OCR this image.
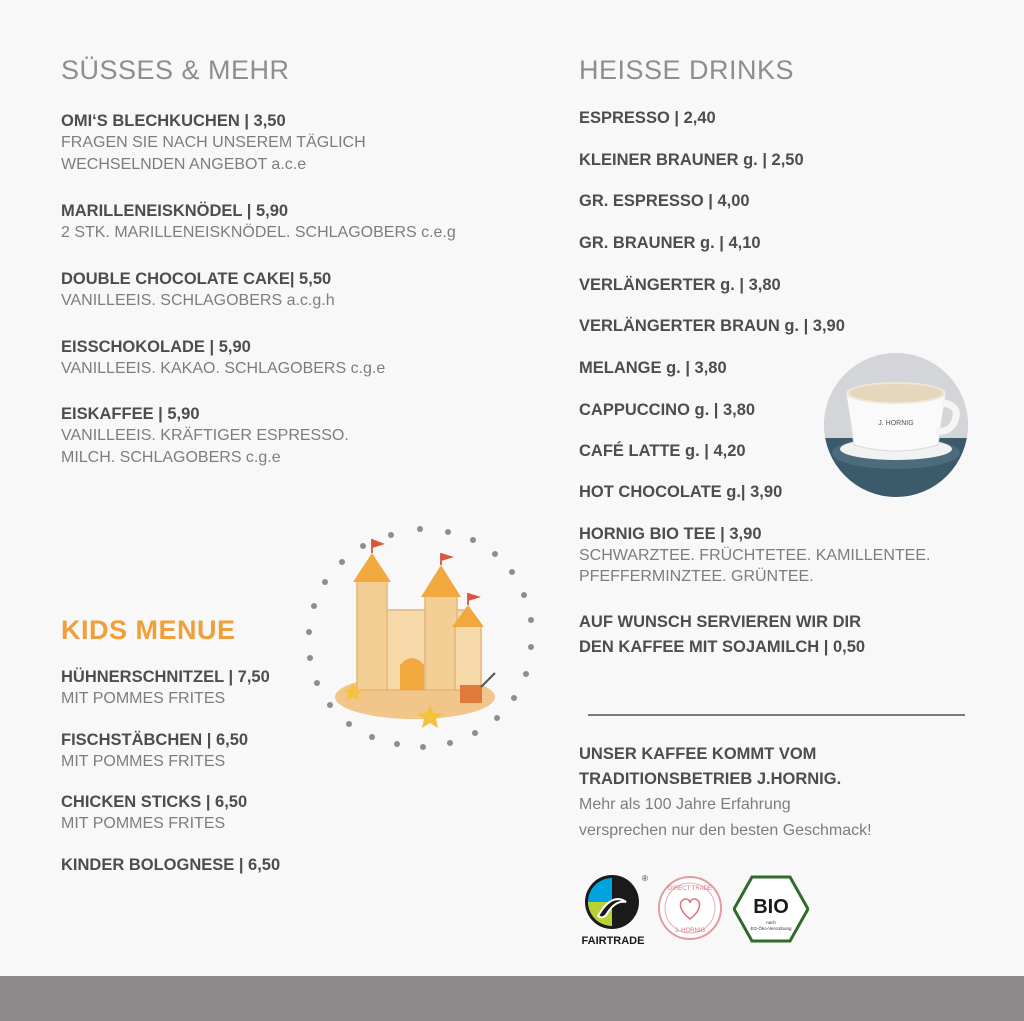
SÜSSES & MEHR
OMI‘S BLECHKUCHEN | 3,50
FRAGEN SIE NACH UNSEREM TÄGLICH
WECHSELNDEN ANGEBOT a.c.e
MARILLENEISKNÖDEL | 5,90
2 STK. MARILLENEISKNÖDEL. SCHLAGOBERS c.e.g
DOUBLE CHOCOLATE CAKE| 5,50
VANILLEEIS. SCHLAGOBERS a.c.g.h
EISSCHOKOLADE | 5,90
VANILLEEIS. KAKAO. SCHLAGOBERS c.g.e
EISKAFFEE | 5,90
VANILLEEIS. KRÄFTIGER ESPRESSO.
MILCH. SCHLAGOBERS c.g.e
KIDS MENUE
HÜHNERSCHNITZEL | 7,50
MIT POMMES FRITES
FISCHSTÄBCHEN | 6,50
MIT POMMES FRITES
CHICKEN STICKS | 6,50
MIT POMMES FRITES
KINDER BOLOGNESE | 6,50
HEISSE DRINKS
ESPRESSO | 2,40
KLEINER BRAUNER g. | 2,50
GR. ESPRESSO | 4,00
GR. BRAUNER g. | 4,10
VERLÄNGERTER g. | 3,80
VERLÄNGERTER BRAUN g. | 3,90
MELANGE g. | 3,80
CAPPUCCINO g. | 3,80
CAFÉ LATTE g. | 4,20
HOT CHOCOLATE g.| 3,90
HORNIG BIO TEE | 3,90
SCHWARZTEE. FRÜCHTETEE. KAMILLENTEE.
PFEFFERMINZTEE. GRÜNTEE.
AUF WUNSCH SERVIEREN WIR DIR
DEN KAFFEE MIT SOJAMILCH | 0,50
J. HORNIG
UNSER KAFFEE KOMMT VOM
TRADITIONSBETRIEB J.HORNIG.
Mehr als 100 Jahre Erfahrung
versprechen nur den besten Geschmack!
®
FAIRTRADE
DIRECT TRADE
J. HORNIG
BIO
nach
EG-Öko-Verordnung
